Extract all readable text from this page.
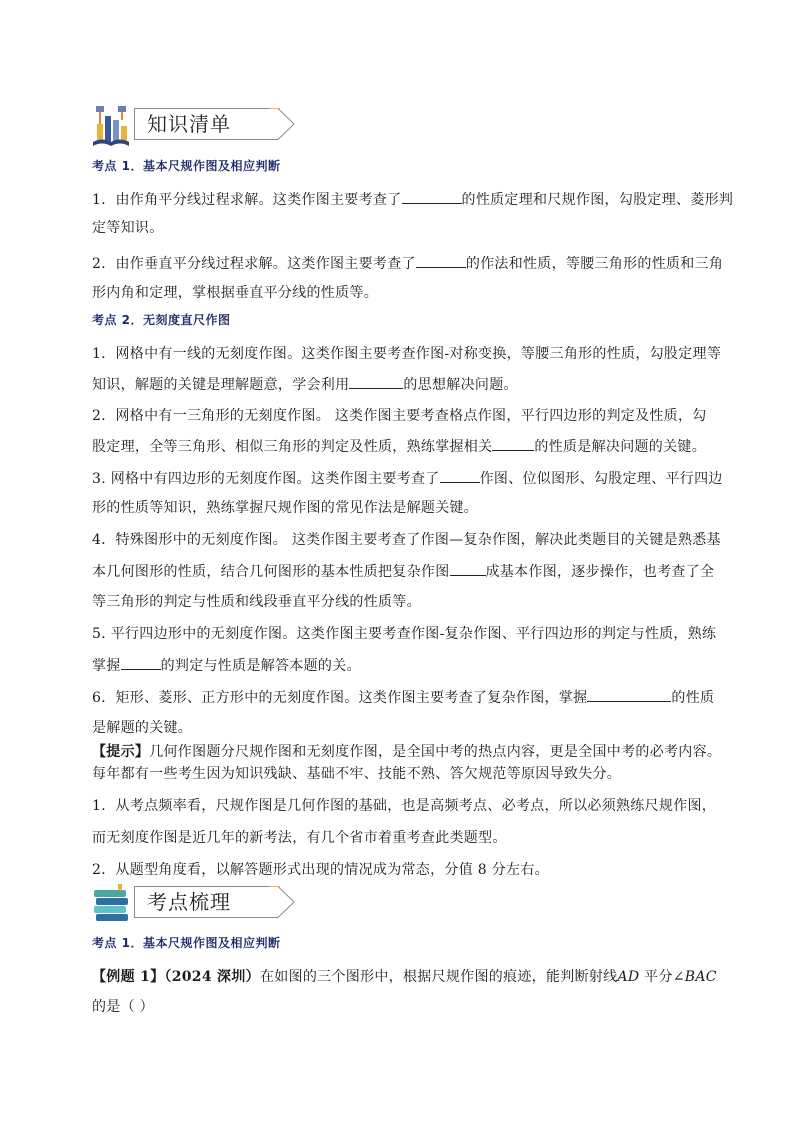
知识清单
考点 1．基本尺规作图及相应判断
1．由作角平分线过程求解。这类作图主要考查了	的性质定理和尺规作图，勾股定理、菱形判
定等知识。
2．由作垂直平分线过程求解。这类作图主要考查了	的作法和性质，等腰三角形的性质和三角
形内角和定理，掌根据垂直平分线的性质等。
考点 2．无刻度直尺作图
1．网格中有一线的无刻度作图。这类作图主要考查作图-对称变换，等腰三角形的性质，勾股定理等
知识，解题的关键是理解题意，学会利用	的思想解决问题。
2．网格中有一三角形的无刻度作图。 这类作图主要考查格点作图，平行四边形的判定及性质，勾
股定理，全等三角形、相似三角形的判定及性质，熟练掌握相关	的性质是解决问题的关键。
3. 网格中有四边形的无刻度作图。这类作图主要考查了	作图、位似图形、勾股定理、平行四边
形的性质等知识，熟练掌握尺规作图的常见作法是解题关键。
4．特殊图形中的无刻度作图。 这类作图主要考查了作图—复杂作图，解决此类题目的关键是熟悉基
本几何图形的性质，结合几何图形的基本性质把复杂作图	成基本作图，逐步操作，也考查了全
等三角形的判定与性质和线段垂直平分线的性质等。
5. 平行四边形中的无刻度作图。这类作图主要考查作图-复杂作图、平行四边形的判定与性质，熟练
掌握	的判定与性质是解答本题的关。
6．矩形、菱形、正方形中的无刻度作图。这类作图主要考查了复杂作图，掌握	的性质
是解题的关键。
【提示】几何作图题分尺规作图和无刻度作图，是全国中考的热点内容，更是全国中考的必考内容。
每年都有一些考生因为知识残缺、基础不牢、技能不熟、答欠规范等原因导致失分。
1．从考点频率看，尺规作图是几何作图的基础，也是高频考点、必考点，所以必须熟练尺规作图，
而无刻度作图是近几年的新考法，有几个省市着重考查此类题型。
2．从题型角度看，以解答题形式出现的情况成为常态，分值 8 分左右。
考点梳理
考点 1．基本尺规作图及相应判断
【例题 1】（2024 深圳）在如图的三个图形中，根据尺规作图的痕迹，能判断射线AD 平分∠BAC
的是（ ）
